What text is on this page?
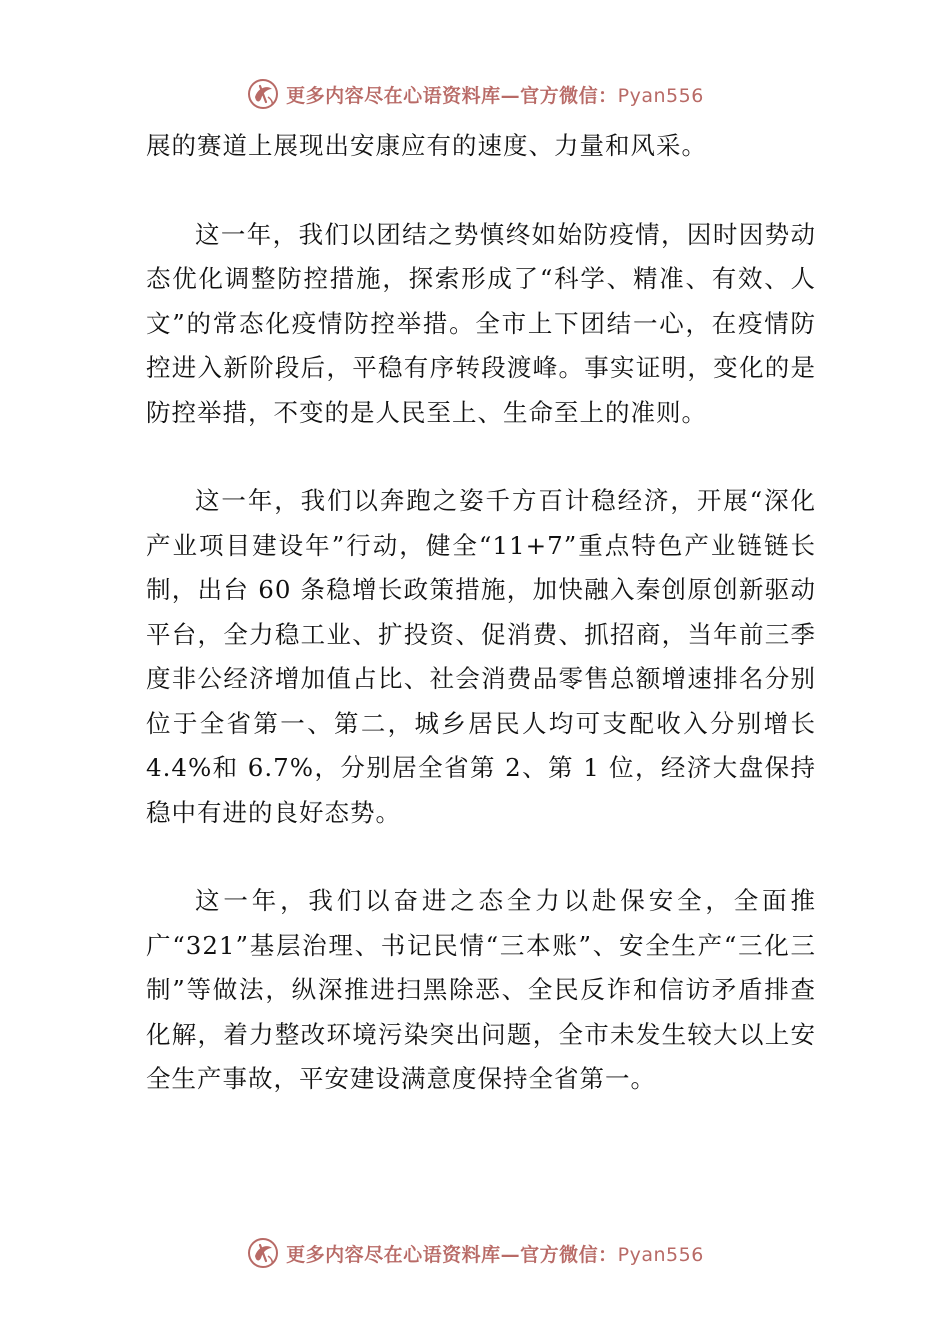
更多内容尽在心语资料库—官方微信：Pyan556

展的赛道上展现出安康应有的速度、力量和风采。

这一年，我们以团结之势慎终如始防疫情，因时因势动态优化调整防控措施，探索形成了“科学、精准、有效、人文”的常态化疫情防控举措。全市上下团结一心，在疫情防控进入新阶段后，平稳有序转段渡峰。事实证明，变化的是防控举措，不变的是人民至上、生命至上的准则。

这一年，我们以奔跑之姿千方百计稳经济，开展“深化产业项目建设年”行动，健全“11+7”重点特色产业链链长制，出台 60 条稳增长政策措施，加快融入秦创原创新驱动平台，全力稳工业、扩投资、促消费、抓招商，当年前三季度非公经济增加值占比、社会消费品零售总额增速排名分别位于全省第一、第二，城乡居民人均可支配收入分别增长 4.4%和 6.7%，分别居全省第 2、第 1 位，经济大盘保持稳中有进的良好态势。

这一年，我们以奋进之态全力以赴保安全，全面推广“321”基层治理、书记民情“三本账”、安全生产“三化三制”等做法，纵深推进扫黑除恶、全民反诈和信访矛盾排查化解，着力整改环境污染突出问题，全市未发生较大以上安全生产事故，平安建设满意度保持全省第一。

更多内容尽在心语资料库—官方微信：Pyan556
